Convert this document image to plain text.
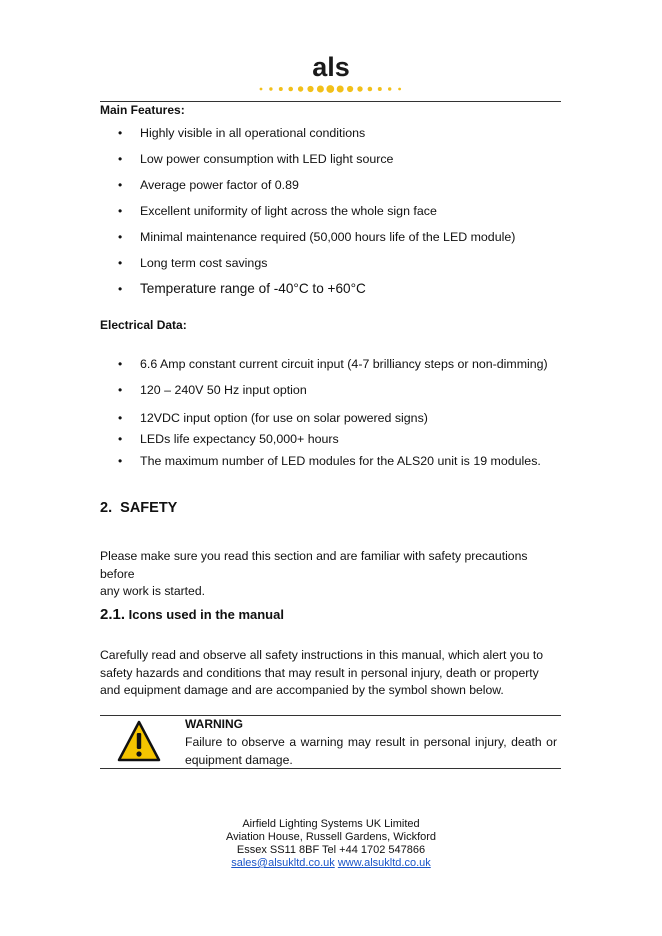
als
Main Features:
• Highly visible in all operational conditions
• Low power consumption with LED light source
• Average power factor of 0.89
• Excellent uniformity of light across the whole sign face
• Minimal maintenance required (50,000 hours life of the LED module)
• Long term cost savings
• Temperature range of -40°C to +60°C
Electrical Data:
• 6.6 Amp constant current circuit input (4-7 brilliancy steps or non-dimming)
• 120 – 240V 50 Hz input option
• 12VDC input option (for use on solar powered signs)
• LEDs life expectancy 50,000+ hours
• The maximum number of LED modules for the ALS20 unit is 19 modules.
2. SAFETY
Please make sure you read this section and are familiar with safety precautions before
any work is started.
2.1. Icons used in the manual
Carefully read and observe all safety instructions in this manual, which alert you to
safety hazards and conditions that may result in personal injury, death or property
and equipment damage and are accompanied by the symbol shown below.
WARNING
Failure to observe a warning may result in personal injury, death or equipment damage.
Airfield Lighting Systems UK Limited
Aviation House, Russell Gardens, Wickford
Essex SS11 8BF Tel +44 1702 547866
sales@alsukltd.co.uk www.alsukltd.co.uk
